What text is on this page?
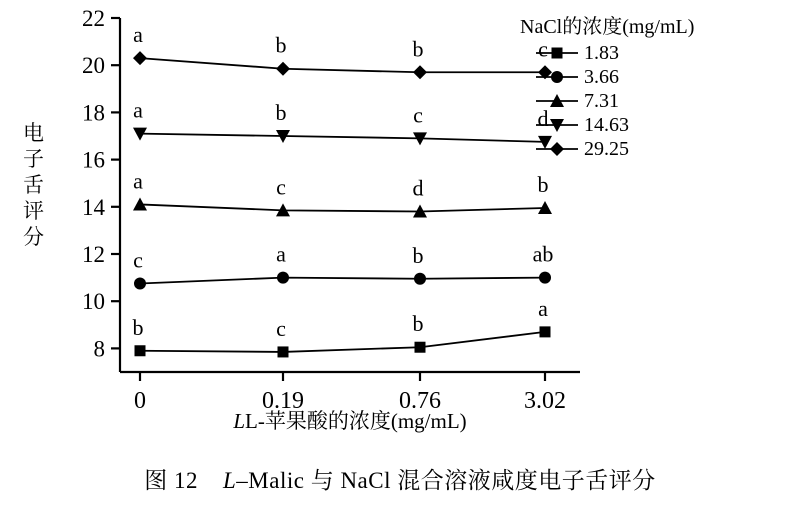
电子舌评分
LL-苹果酸的浓度(mg/mL)
8
10
12
14
16
18
20
22
0	0.19	0.76	3.02
b	c	b
a
c	a	b	ab
a	c	d	b
a	b	c	d
a	b	b	c
NaCl的浓度(mg/mL)
1.83
3.66
7.31
14.63
29.25
图 12 L–Malic 与 NaCl 混合溶液咸度电子舌评分
